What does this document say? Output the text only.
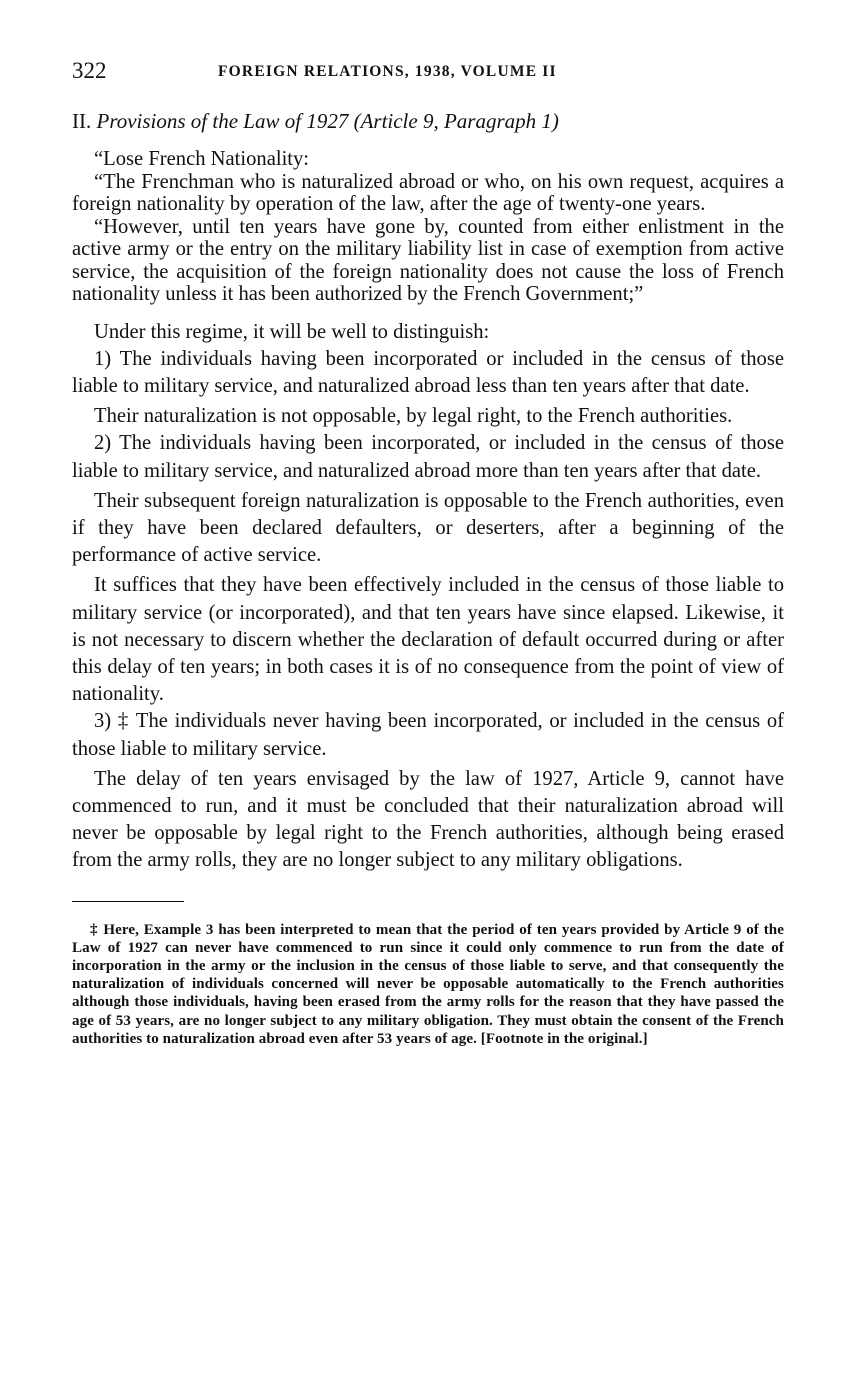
322	FOREIGN RELATIONS, 1938, VOLUME II
II. Provisions of the Law of 1927 (Article 9, Paragraph 1)

“Lose French Nationality:

“The Frenchman who is naturalized abroad or who, on his own request, acquires a foreign nationality by operation of the law, after the age of twenty-one years.

“However, until ten years have gone by, counted from either enlistment in the active army or the entry on the military liability list in case of exemption from active service, the acquisition of the foreign nationality does not cause the loss of French nationality unless it has been authorized by the French Government;”

Under this regime, it will be well to distinguish:

1) The individuals having been incorporated or included in the census of those liable to military service, and naturalized abroad less than ten years after that date.

Their naturalization is not opposable, by legal right, to the French authorities.

2) The individuals having been incorporated, or included in the census of those liable to military service, and naturalized abroad more than ten years after that date.

Their subsequent foreign naturalization is opposable to the French authorities, even if they have been declared defaulters, or deserters, after a beginning of the performance of active service.

It suffices that they have been effectively included in the census of those liable to military service (or incorporated), and that ten years have since elapsed. Likewise, it is not necessary to discern whether the declaration of default occurred during or after this delay of ten years; in both cases it is of no consequence from the point of view of nationality.

3) ‡ The individuals never having been incorporated, or included in the census of those liable to military service.

The delay of ten years envisaged by the law of 1927, Article 9, cannot have commenced to run, and it must be concluded that their naturalization abroad will never be opposable by legal right to the French authorities, although being erased from the army rolls, they are no longer subject to any military obligations.

‡ Here, Example 3 has been interpreted to mean that the period of ten years provided by Article 9 of the Law of 1927 can never have commenced to run since it could only commence to run from the date of incorporation in the army or the inclusion in the census of those liable to serve, and that consequently the naturalization of individuals concerned will never be opposable automatically to the French authorities although those individuals, having been erased from the army rolls for the reason that they have passed the age of 53 years, are no longer subject to any military obligation. They must obtain the consent of the French authorities to naturalization abroad even after 53 years of age. [Footnote in the original.]
